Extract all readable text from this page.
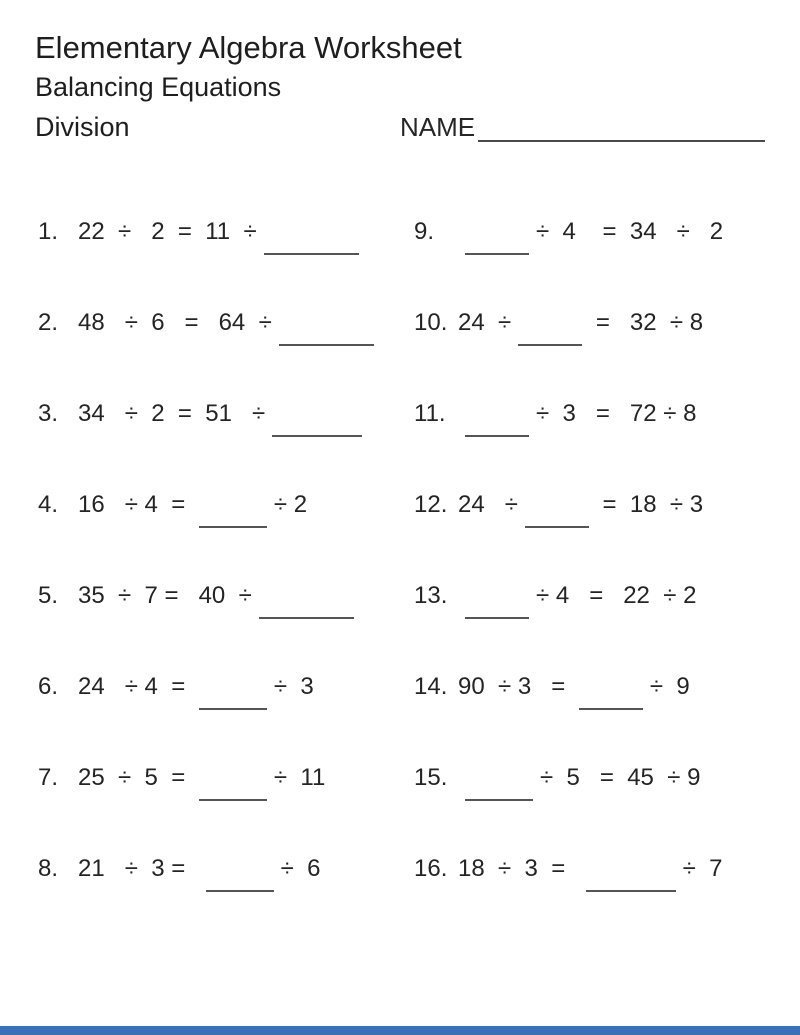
Elementary Algebra Worksheet
Balancing Equations
Division	NAME
1. 22  ÷   2  =  11  ÷
2. 48   ÷  6   =   64  ÷
3. 34   ÷  2  =  51   ÷
4. 16   ÷ 4  =	÷ 2
5. 35  ÷  7 =   40  ÷
6. 24   ÷ 4  =	÷  3
7. 25  ÷  5  =	÷  11
8. 21   ÷  3 =	÷  6
9.	÷  4    =  34   ÷   2
10. 24  ÷	=   32  ÷ 8
11.	÷  3   =   72 ÷ 8
12. 24   ÷	=  18  ÷ 3
13.	÷ 4   =   22  ÷ 2
14. 90  ÷ 3   =	÷  9
15.	÷  5   =  45  ÷ 9
16. 18  ÷  3  =	÷  7
